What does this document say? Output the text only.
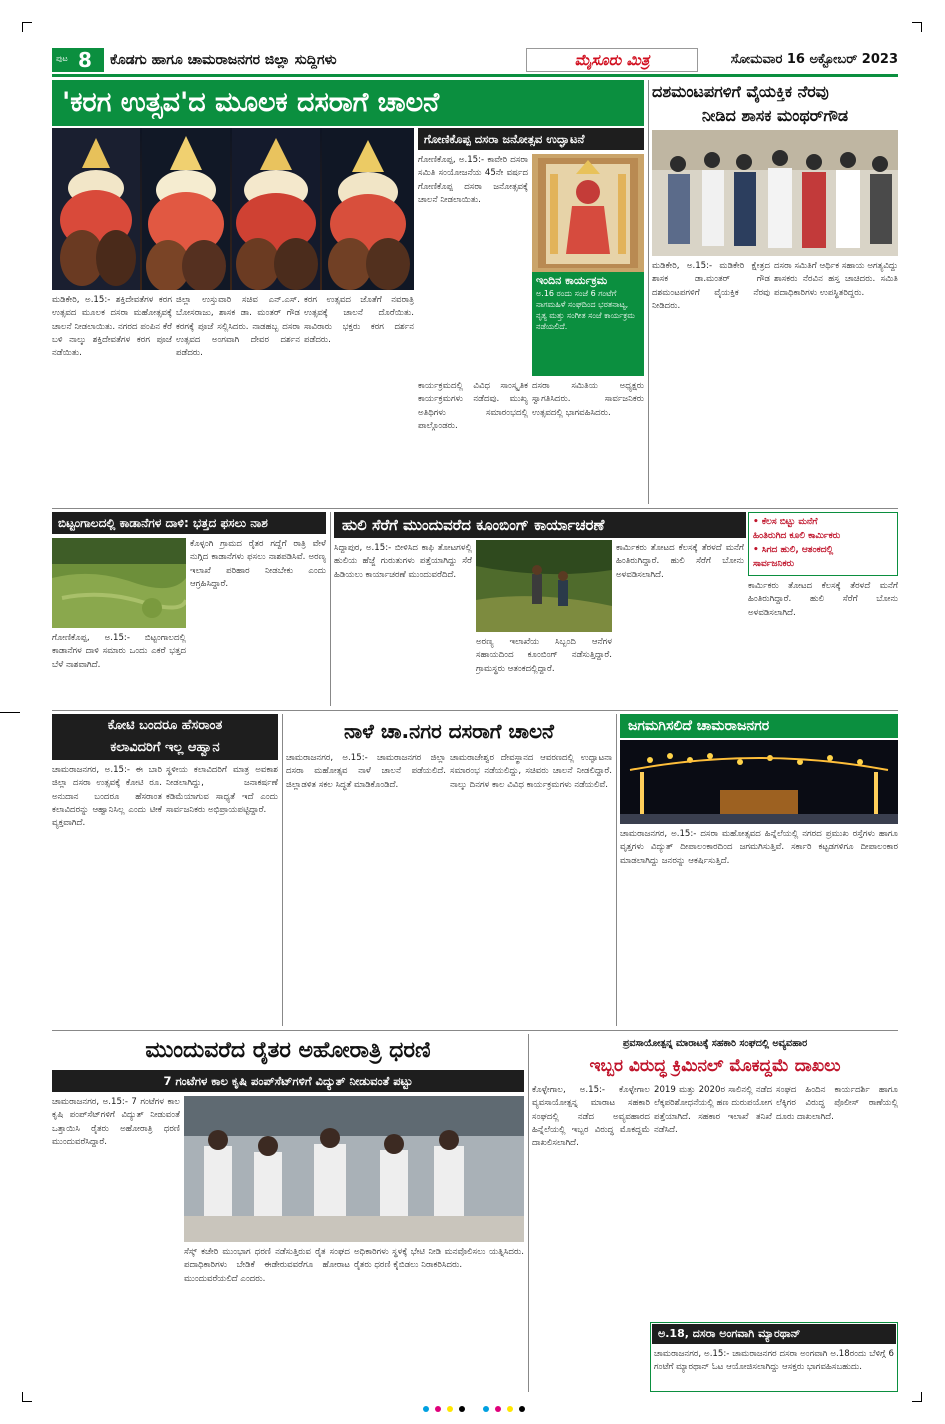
ಪುಟ 8 ಕೊಡಗು ಹಾಗೂ ಚಾಮರಾಜನಗರ ಜಿಲ್ಲಾ ಸುದ್ದಿಗಳು	ಮೈಸೂರು ಮಿತ್ರ	ಸೋಮವಾರ 16 ಅಕ್ಟೋಬರ್ 2023
'ಕರಗ ಉತ್ಸವ'ದ ಮೂಲಕ ದಸರಾಗೆ ಚಾಲನೆ
ಮಡಿಕೇರಿ, ಅ.15:- ಶಕ್ತಿದೇವತೆಗಳ ಕರಗ ಉತ್ಸವದ ಮೂಲಕ ದಸರಾ ಮಹೋತ್ಸವಕ್ಕೆ ಚಾಲನೆ ನೀಡಲಾಯಿತು. ನಗರದ ಪಂಪಿನ ಕೆರೆ ಬಳಿ ನಾಲ್ಕು ಶಕ್ತಿದೇವತೆಗಳ ಕರಗ ಪೂಜೆ ನಡೆಯಿತು.
ಜಿಲ್ಲಾ ಉಸ್ತುವಾರಿ ಸಚಿವ ಎನ್.ಎಸ್. ಬೋಸರಾಜು, ಶಾಸಕ ಡಾ. ಮಂತರ್ ಗೌಡ ಕರಗಕ್ಕೆ ಪೂಜೆ ಸಲ್ಲಿಸಿದರು. ನಾಡಹಬ್ಬ ದಸರಾ ಉತ್ಸವದ ಅಂಗವಾಗಿ ದೇವರ ದರ್ಶನ ಪಡೆದರು.
ಕರಗ ಉತ್ಸವದ ಜೊತೆಗೆ ನವರಾತ್ರಿ ಉತ್ಸವಕ್ಕೆ ಚಾಲನೆ ದೊರೆಯಿತು. ಸಾವಿರಾರು ಭಕ್ತರು ಕರಗ ದರ್ಶನ ಪಡೆದರು.
ಗೋಣಿಕೊಪ್ಪ ದಸರಾ ಜನೋತ್ಸವ ಉದ್ಘಾಟನೆ
ಗೋಣಿಕೊಪ್ಪ, ಅ.15:- ಕಾವೇರಿ ದಸರಾ ಸಮಿತಿ ಸಂಯೋಜನೆಯ 45ನೇ ವರ್ಷದ ಗೋಣಿಕೊಪ್ಪ ದಸರಾ ಜನೋತ್ಸವಕ್ಕೆ ಚಾಲನೆ ನೀಡಲಾಯಿತು.
ಇಂದಿನ ಕಾರ್ಯಕ್ರಮ
ಅ.16 ರಂದು ಸಂಜೆ 6 ಗಂಟೆಗೆ ನಾಗಮಹಿಳೆ ಸಂಘದಿಂದ ಭರತನಾಟ್ಯ, ನೃತ್ಯ ಮತ್ತು ಸಂಗೀತ ಸಂಜೆ ಕಾರ್ಯಕ್ರಮ ನಡೆಯಲಿದೆ.
ಕಾರ್ಯಕ್ರಮದಲ್ಲಿ ವಿವಿಧ ಸಾಂಸ್ಕೃತಿಕ ಕಾರ್ಯಕ್ರಮಗಳು ನಡೆದವು. ಮುಖ್ಯ ಅತಿಥಿಗಳು ಸಮಾರಂಭದಲ್ಲಿ ಪಾಲ್ಗೊಂಡರು.
ದಸರಾ ಸಮಿತಿಯ ಅಧ್ಯಕ್ಷರು ಸ್ವಾಗತಿಸಿದರು. ಸಾರ್ವಜನಿಕರು ಉತ್ಸವದಲ್ಲಿ ಭಾಗವಹಿಸಿದರು.
ದಶಮಂಟಪಗಳಿಗೆ ವೈಯಕ್ತಿಕ ನೆರವು
ನೀಡಿದ ಶಾಸಕ ಮಂಥರ್‌ಗೌಡ
ಮಡಿಕೇರಿ, ಅ.15:- ಮಡಿಕೇರಿ ಕ್ಷೇತ್ರದ ಶಾಸಕ ಡಾ.ಮಂತರ್ ಗೌಡ ದಶಮಂಟಪಗಳಿಗೆ ವೈಯಕ್ತಿಕ ನೆರವು ನೀಡಿದರು.
ದಸರಾ ಸಮಿತಿಗೆ ಆರ್ಥಿಕ ಸಹಾಯ ಅಗತ್ಯವಿದ್ದು ಶಾಸಕರು ನೆರವಿನ ಹಸ್ತ ಚಾಚಿದರು. ಸಮಿತಿ ಪದಾಧಿಕಾರಿಗಳು ಉಪಸ್ಥಿತರಿದ್ದರು.
ಬಿಟ್ಟಂಗಾಲದಲ್ಲಿ ಕಾಡಾನೆಗಳ ದಾಳಿ: ಭತ್ತದ ಫಸಲು ನಾಶ
ಗೋಣಿಕೊಪ್ಪ, ಅ.15:- ಬಿಟ್ಟಂಗಾಲದಲ್ಲಿ ಕಾಡಾನೆಗಳ ದಾಳಿ ಸಮಾರು ಒಂದು ಎಕರೆ ಭತ್ತದ ಬೆಳೆ ನಾಶವಾಗಿದೆ.
ಕೊಳ್ಳಂಗಿ ಗ್ರಾಮದ ರೈತರ ಗದ್ದೆಗೆ ರಾತ್ರಿ ವೇಳೆ ನುಗ್ಗಿದ ಕಾಡಾನೆಗಳು ಫಸಲು ನಾಶಪಡಿಸಿವೆ. ಅರಣ್ಯ ಇಲಾಖೆ ಪರಿಹಾರ ನೀಡಬೇಕು ಎಂದು ಆಗ್ರಹಿಸಿದ್ದಾರೆ.
ಹುಲಿ ಸೆರೆಗೆ ಮುಂದುವರೆದ ಕೂಂಬಿಂಗ್ ಕಾರ್ಯಾಚರಣೆ	• ಕೆಲಸ ಬಿಟ್ಟು ಮನೆಗೆ
ಹಿಂತಿರುಗಿದ ಕೂಲಿ ಕಾರ್ಮಿಕರು
• ಸಿಗದ ಹುಲಿ, ಆತಂಕದಲ್ಲಿ
ಸಾರ್ವಜನಿಕರು
ಸಿದ್ದಾಪುರ, ಅ.15:- ಬೀಳಿಸಿದ ಕಾಫಿ ತೋಟಗಳಲ್ಲಿ ಹುಲಿಯ ಹೆಜ್ಜೆ ಗುರುತುಗಳು ಪತ್ತೆಯಾಗಿದ್ದು ಸೆರೆ ಹಿಡಿಯಲು ಕಾರ್ಯಾಚರಣೆ ಮುಂದುವರೆದಿದೆ.
ಅರಣ್ಯ ಇಲಾಖೆಯ ಸಿಬ್ಬಂದಿ ಆನೆಗಳ ಸಹಾಯದಿಂದ ಕೂಂಬಿಂಗ್ ನಡೆಸುತ್ತಿದ್ದಾರೆ. ಗ್ರಾಮಸ್ಥರು ಆತಂಕದಲ್ಲಿದ್ದಾರೆ.
ಕಾರ್ಮಿಕರು ತೋಟದ ಕೆಲಸಕ್ಕೆ ತೆರಳದೆ ಮನೆಗೆ ಹಿಂತಿರುಗಿದ್ದಾರೆ. ಹುಲಿ ಸೆರೆಗೆ ಬೋನು ಅಳವಡಿಸಲಾಗಿದೆ.
ಕಾರ್ಮಿಕರು ತೋಟದ ಕೆಲಸಕ್ಕೆ ತೆರಳದೆ ಮನೆಗೆ ಹಿಂತಿರುಗಿದ್ದಾರೆ. ಹುಲಿ ಸೆರೆಗೆ ಬೋನು ಅಳವಡಿಸಲಾಗಿದೆ.
ಕೋಟಿ ಬಂದರೂ ಹೆಸರಾಂತ
ಕಲಾವಿದರಿಗೆ ಇಲ್ಲ ಆಹ್ವಾನ
ಚಾಮರಾಜನಗರ, ಅ.15:- ಈ ಬಾರಿ ಜಿಲ್ಲಾ ದಸರಾ ಉತ್ಸವಕ್ಕೆ ಕೋಟಿ ರೂ. ಅನುದಾನ ಬಂದರೂ ಹೆಸರಾಂತ ಕಲಾವಿದರನ್ನು ಆಹ್ವಾನಿಸಿಲ್ಲ ಎಂದು ಟೀಕೆ ವ್ಯಕ್ತವಾಗಿದೆ.
ಸ್ಥಳೀಯ ಕಲಾವಿದರಿಗೆ ಮಾತ್ರ ಅವಕಾಶ ನೀಡಲಾಗಿದ್ದು, ಜನಾಕರ್ಷಣೆ ಕಡಿಮೆಯಾಗುವ ಸಾಧ್ಯತೆ ಇದೆ ಎಂದು ಸಾರ್ವಜನಿಕರು ಅಭಿಪ್ರಾಯಪಟ್ಟಿದ್ದಾರೆ.
ನಾಳೆ ಚಾ.ನಗರ ದಸರಾಗೆ ಚಾಲನೆ
ಚಾಮರಾಜನಗರ, ಅ.15:- ಚಾಮರಾಜನಗರ ಜಿಲ್ಲಾ ದಸರಾ ಮಹೋತ್ಸವ ನಾಳೆ ಚಾಲನೆ ಪಡೆಯಲಿದೆ. ಜಿಲ್ಲಾಡಳಿತ ಸಕಲ ಸಿದ್ಧತೆ ಮಾಡಿಕೊಂಡಿದೆ.
ಚಾಮರಾಜೇಶ್ವರ ದೇವಸ್ಥಾನದ ಆವರಣದಲ್ಲಿ ಉದ್ಘಾಟನಾ ಸಮಾರಂಭ ನಡೆಯಲಿದ್ದು, ಸಚಿವರು ಚಾಲನೆ ನೀಡಲಿದ್ದಾರೆ. ನಾಲ್ಕು ದಿನಗಳ ಕಾಲ ವಿವಿಧ ಕಾರ್ಯಕ್ರಮಗಳು ನಡೆಯಲಿವೆ.
ಜಗಮಗಿಸಲಿದೆ ಚಾಮರಾಜನಗರ
ಚಾಮರಾಜನಗರ, ಅ.15:- ದಸರಾ ಮಹೋತ್ಸವದ ಹಿನ್ನೆಲೆಯಲ್ಲಿ ನಗರದ ಪ್ರಮುಖ ರಸ್ತೆಗಳು ಹಾಗೂ ವೃತ್ತಗಳು ವಿದ್ಯುತ್ ದೀಪಾಲಂಕಾರದಿಂದ ಜಗಮಗಿಸುತ್ತಿವೆ. ಸರ್ಕಾರಿ ಕಟ್ಟಡಗಳಿಗೂ ದೀಪಾಲಂಕಾರ ಮಾಡಲಾಗಿದ್ದು ಜನರನ್ನು ಆಕರ್ಷಿಸುತ್ತಿದೆ.
ಮುಂದುವರೆದ ರೈತರ ಅಹೋರಾತ್ರಿ ಧರಣಿ
7 ಗಂಟೆಗಳ ಕಾಲ ಕೃಷಿ ಪಂಪ್‌ಸೆಟ್‌ಗಳಿಗೆ ವಿದ್ಯುತ್ ನೀಡುವಂತೆ ಪಟ್ಟು
ಚಾಮರಾಜನಗರ, ಅ.15:- 7 ಗಂಟೆಗಳ ಕಾಲ ಕೃಷಿ ಪಂಪ್‌ಸೆಟ್‌ಗಳಿಗೆ ವಿದ್ಯುತ್ ನೀಡುವಂತೆ ಒತ್ತಾಯಿಸಿ ರೈತರು ಅಹೋರಾತ್ರಿ ಧರಣಿ ಮುಂದುವರೆಸಿದ್ದಾರೆ.
ಸೆಸ್ಕ್ ಕಚೇರಿ ಮುಂಭಾಗ ಧರಣಿ ನಡೆಸುತ್ತಿರುವ ರೈತ ಸಂಘದ ಪದಾಧಿಕಾರಿಗಳು ಬೇಡಿಕೆ ಈಡೇರುವವರೆಗೂ ಹೋರಾಟ ಮುಂದುವರೆಯಲಿದೆ ಎಂದರು.
ಅಧಿಕಾರಿಗಳು ಸ್ಥಳಕ್ಕೆ ಭೇಟಿ ನೀಡಿ ಮನವೊಲಿಸಲು ಯತ್ನಿಸಿದರು. ರೈತರು ಧರಣಿ ಕೈಬಿಡಲು ನಿರಾಕರಿಸಿದರು.
ಪ್ರವಸಾಯೋತ್ಪನ್ನ ಮಾರಾಟಕ್ಕೆ ಸಹಕಾರಿ ಸಂಘದಲ್ಲಿ ಅವ್ಯವಹಾರ
ಇಬ್ಬರ ವಿರುದ್ಧ ಕ್ರಿಮಿನಲ್ ಮೊಕದ್ದಮೆ ದಾಖಲು
ಕೊಳ್ಳೇಗಾಲ, ಅ.15:- ಕೊಳ್ಳೇಗಾಲ ವ್ಯವಸಾಯೋತ್ಪನ್ನ ಮಾರಾಟ ಸಹಕಾರಿ ಸಂಘದಲ್ಲಿ ನಡೆದ ಅವ್ಯವಹಾರದ ಹಿನ್ನೆಲೆಯಲ್ಲಿ ಇಬ್ಬರ ವಿರುದ್ಧ ಮೊಕದ್ದಮೆ ದಾಖಲಿಸಲಾಗಿದೆ.
2019 ಮತ್ತು 2020ರ ಸಾಲಿನಲ್ಲಿ ನಡೆದ ಲೆಕ್ಕಪರಿಶೋಧನೆಯಲ್ಲಿ ಹಣ ದುರುಪಯೋಗ ಪತ್ತೆಯಾಗಿದೆ. ಸಹಕಾರ ಇಲಾಖೆ ತನಿಖೆ ನಡೆಸಿದೆ.
ಸಂಘದ ಹಿಂದಿನ ಕಾರ್ಯದರ್ಶಿ ಹಾಗೂ ಲೆಕ್ಕಿಗರ ವಿರುದ್ಧ ಪೊಲೀಸ್ ಠಾಣೆಯಲ್ಲಿ ದೂರು ದಾಖಲಾಗಿದೆ.
ಅ.18, ದಸರಾ ಅಂಗವಾಗಿ ಮ್ಯಾರಥಾನ್
ಚಾಮರಾಜನಗರ, ಅ.15:- ಚಾಮರಾಜನಗರ ದಸರಾ ಅಂಗವಾಗಿ ಅ.18ರಂದು ಬೆಳಿಗ್ಗೆ 6 ಗಂಟೆಗೆ ಮ್ಯಾರಥಾನ್ ಓಟ ಆಯೋಜಿಸಲಾಗಿದ್ದು ಆಸಕ್ತರು ಭಾಗವಹಿಸಬಹುದು.
